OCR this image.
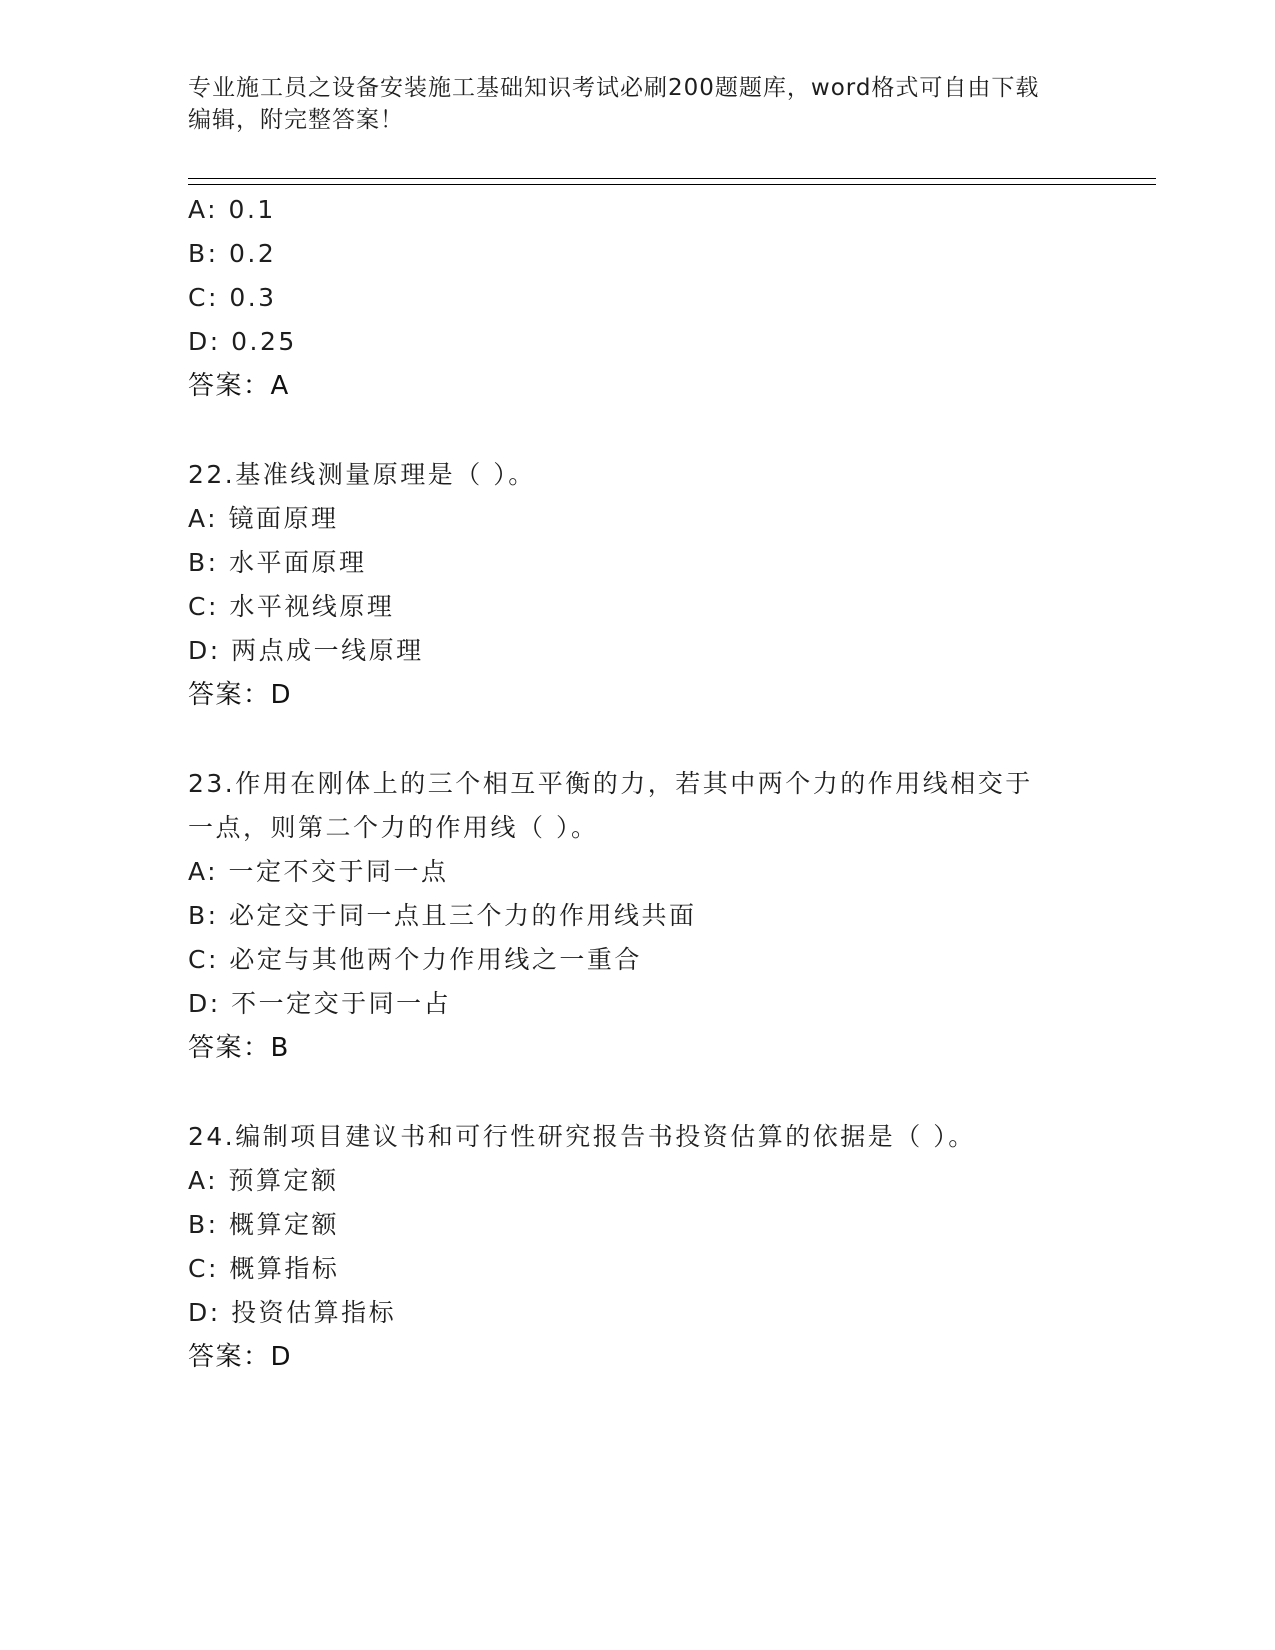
专业施工员之设备安装施工基础知识考试必刷200题题库，word格式可自由下载
编辑，附完整答案！
A: 0.1
B: 0.2
C: 0.3
D: 0.25
答案：A
22.基准线测量原理是（ ）。
A: 镜面原理
B: 水平面原理
C: 水平视线原理
D: 两点成一线原理
答案：D
23.作用在刚体上的三个相互平衡的力，若其中两个力的作用线相交于
一点，则第二个力的作用线（ ）。
A: 一定不交于同一点
B: 必定交于同一点且三个力的作用线共面
C: 必定与其他两个力作用线之一重合
D: 不一定交于同一占
答案：B
24.编制项目建议书和可行性研究报告书投资估算的依据是（ ）。
A: 预算定额
B: 概算定额
C: 概算指标
D: 投资估算指标
答案：D
